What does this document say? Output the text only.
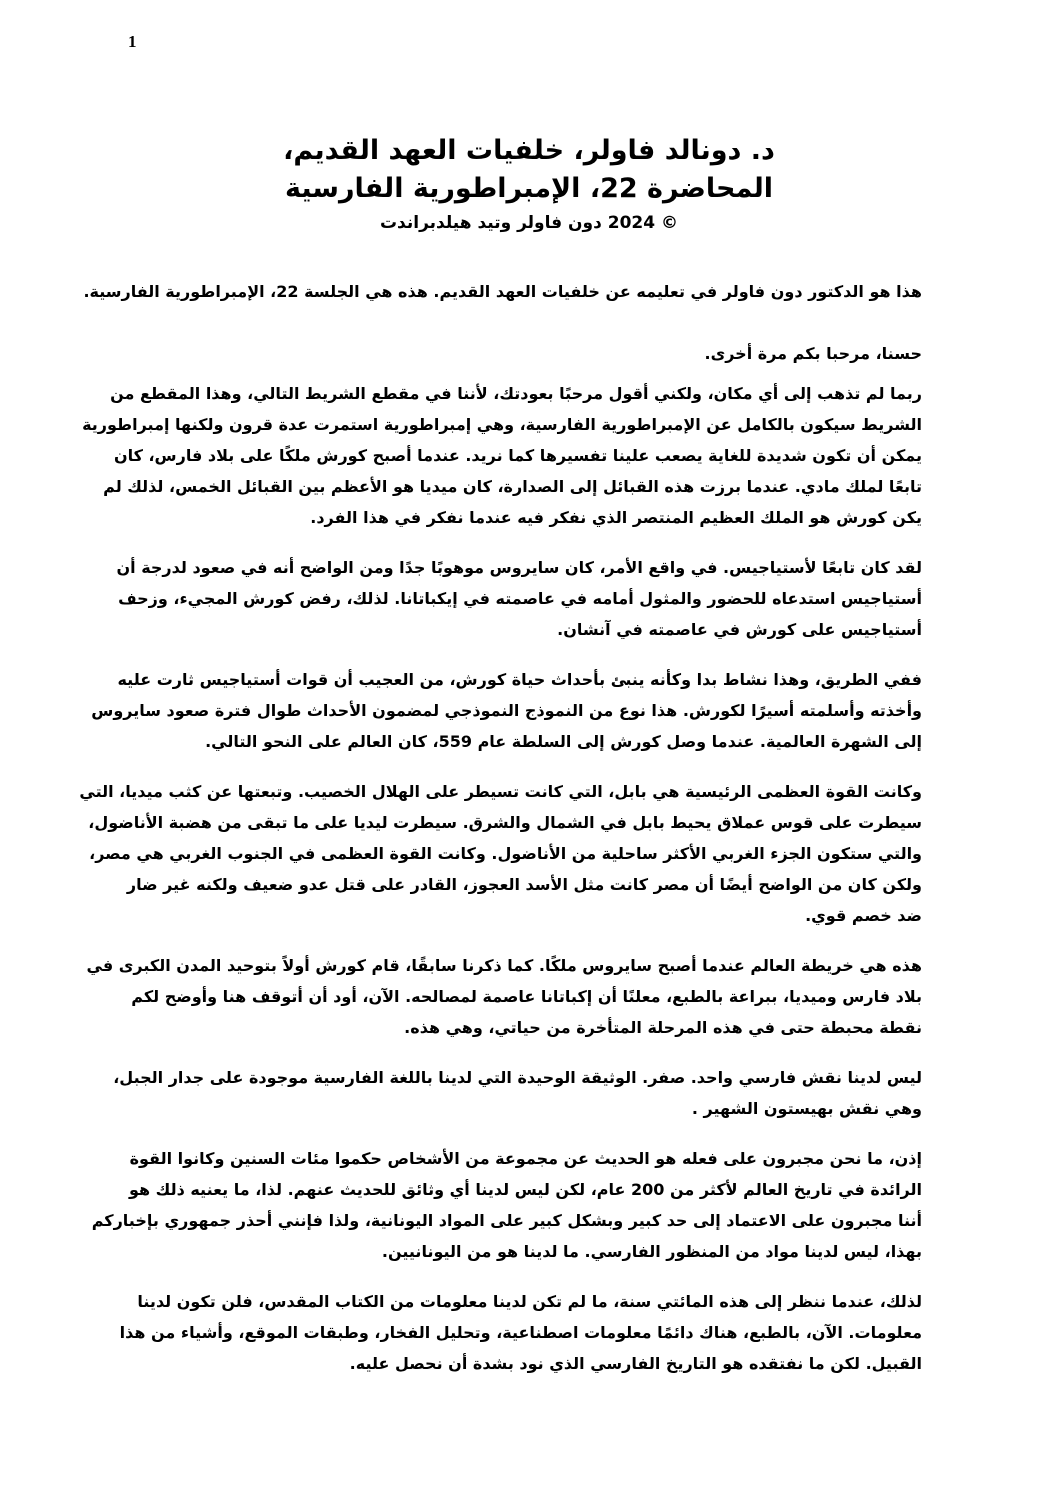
1
د. دونالد فاولر، خلفيات العهد القديم،
المحاضرة 22، الإمبراطورية الفارسية
© 2024 دون فاولر وتيد هيلدبراندت
هذا هو الدكتور دون فاولر في تعليمه عن خلفيات العهد القديم. هذه هي الجلسة 22، الإمبراطورية الفارسية.
حسنا، مرحبا بكم مرة أخرى.
ربما لم تذهب إلى أي مكان، ولكني أقول مرحبًا بعودتك، لأننا في مقطع الشريط التالي، وهذا المقطع من
الشريط سيكون بالكامل عن الإمبراطورية الفارسية، وهي إمبراطورية استمرت عدة قرون ولكنها إمبراطورية
يمكن أن تكون شديدة للغاية يصعب علينا تفسيرها كما نريد. عندما أصبح كورش ملكًا على بلاد فارس، كان
تابعًا لملك مادي. عندما برزت هذه القبائل إلى الصدارة، كان ميديا هو الأعظم بين القبائل الخمس، لذلك لم
يكن كورش هو الملك العظيم المنتصر الذي نفكر فيه عندما نفكر في هذا الفرد.
لقد كان تابعًا لأستياجيس. في واقع الأمر، كان سايروس موهوبًا جدًا ومن الواضح أنه في صعود لدرجة أن
أستياجيس استدعاه للحضور والمثول أمامه في عاصمته في إيكباتانا. لذلك، رفض كورش المجيء، وزحف
أستياجيس على كورش في عاصمته في آنشان.
ففي الطريق، وهذا نشاط بدا وكأنه ينبئ بأحداث حياة كورش، من العجيب أن قوات أستياجيس ثارت عليه
وأخذته وأسلمته أسيرًا لكورش. هذا نوع من النموذج النموذجي لمضمون الأحداث طوال فترة صعود سايروس
إلى الشهرة العالمية. عندما وصل كورش إلى السلطة عام 559، كان العالم على النحو التالي.
وكانت القوة العظمى الرئيسية هي بابل، التي كانت تسيطر على الهلال الخصيب. وتبعتها عن كثب ميديا، التي
سيطرت على قوس عملاق يحيط بابل في الشمال والشرق. سيطرت ليديا على ما تبقى من هضبة الأناضول،
والتي ستكون الجزء الغربي الأكثر ساحلية من الأناضول. وكانت القوة العظمى في الجنوب الغربي هي مصر،
ولكن كان من الواضح أيضًا أن مصر كانت مثل الأسد العجوز، القادر على قتل عدو ضعيف ولكنه غير ضار
ضد خصم قوي.
هذه هي خريطة العالم عندما أصبح سايروس ملكًا. كما ذكرنا سابقًا، قام كورش أولاً بتوحيد المدن الكبرى في
بلاد فارس وميديا، ببراعة بالطبع، معلنًا أن إكباتانا عاصمة لمصالحه. الآن، أود أن أتوقف هنا وأوضح لكم
نقطة محبطة حتى في هذه المرحلة المتأخرة من حياتي، وهي هذه.
ليس لدينا نقش فارسي واحد. صفر. الوثيقة الوحيدة التي لدينا باللغة الفارسية موجودة على جدار الجبل،
وهي نقش بهيستون الشهير .
إذن، ما نحن مجبرون على فعله هو الحديث عن مجموعة من الأشخاص حكموا مئات السنين وكانوا القوة
الرائدة في تاريخ العالم لأكثر من 200 عام، لكن ليس لدينا أي وثائق للحديث عنهم. لذا، ما يعنيه ذلك هو
أننا مجبرون على الاعتماد إلى حد كبير وبشكل كبير على المواد اليونانية، ولذا فإنني أحذر جمهوري بإخباركم
بهذا، ليس لدينا مواد من المنظور الفارسي. ما لدينا هو من اليونانيين.
لذلك، عندما ننظر إلى هذه المائتي سنة، ما لم تكن لدينا معلومات من الكتاب المقدس، فلن تكون لدينا
معلومات. الآن، بالطبع، هناك دائمًا معلومات اصطناعية، وتحليل الفخار، وطبقات الموقع، وأشياء من هذا
القبيل. لكن ما نفتقده هو التاريخ الفارسي الذي نود بشدة أن نحصل عليه.
